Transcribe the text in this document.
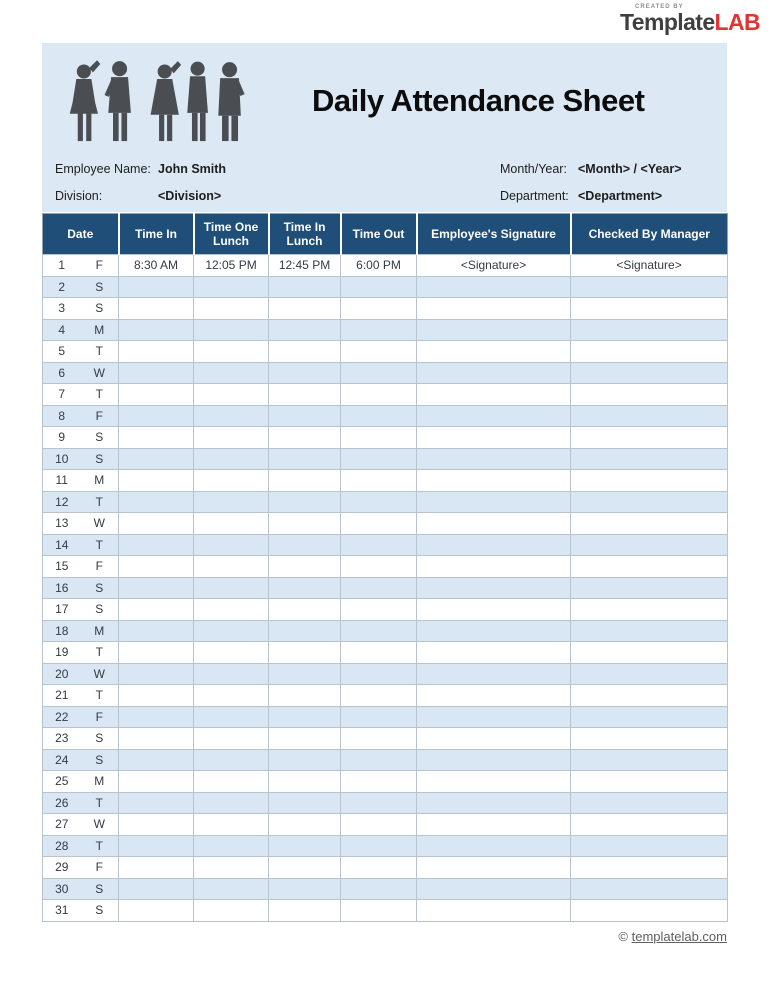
CREATED BY
TemplateLAB
Daily Attendance Sheet
Employee Name: John Smith	Month/Year: <Month> / <Year>
Division:	<Division>	Department: <Department>
Date		Time In	Time One Lunch	Time In Lunch	Time Out	Employee's Signature	Checked By Manager
1	F	8:30 AM	12:05 PM	12:45 PM	6:00 PM	<Signature>	<Signature>
2	S						
3	S						
4	M						
5	T						
6	W						
7	T						
8	F						
9	S						
10	S						
11	M						
12	T						
13	W						
14	T						
15	F						
16	S						
17	S						
18	M						
19	T						
20	W						
21	T						
22	F						
23	S						
24	S						
25	M						
26	T						
27	W						
28	T						
29	F						
30	S						
31	S						
© templatelab.com
